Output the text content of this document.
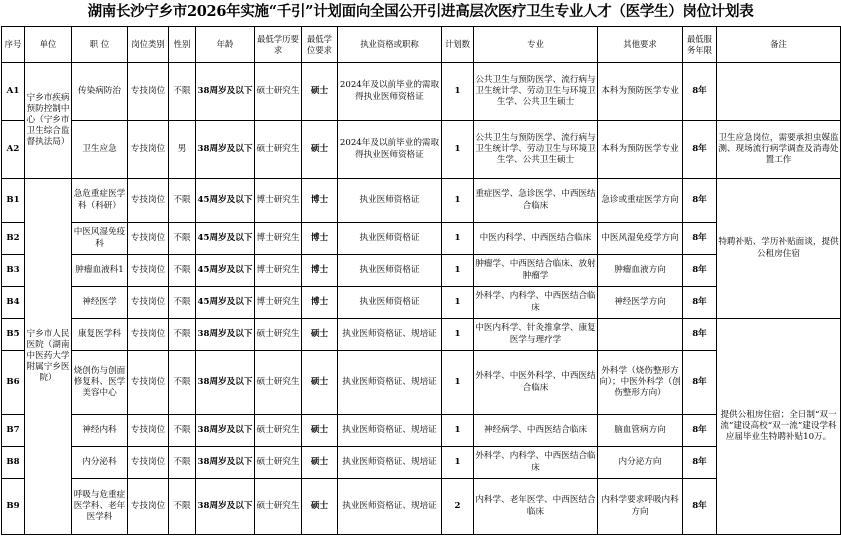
湖南长沙宁乡市2026年实施“千引”计划面向全国公开引进高层次医疗卫生专业人才（医学生）岗位计划表
序号	单位	职 位	岗位类别	性别	年龄	最低学历要求	最低学位要求	执业资格或职称	计划数	专业	其他要求	最低服务年限	备注
A1	宁乡市疾病预防控制中心（宁乡市卫生综合监督执法局）	传染病防治	专技岗位	不限	38周岁及以下	硕士研究生	硕士	2024年及以前毕业的需取得执业医师资格证	1	公共卫生与预防医学、流行病与卫生统计学、劳动卫生与环境卫生学、公共卫生硕士	本科为预防医学专业	8年	
A2		卫生应急	专技岗位	男	38周岁及以下	硕士研究生	硕士	2024年及以前毕业的需取得执业医师资格证	1	公共卫生与预防医学、流行病与卫生统计学、劳动卫生与环境卫生学、公共卫生硕士	本科为预防医学专业	8年	卫生应急岗位，需要承担虫媒监测、现场流行病学调查及消毒处置工作
B1	宁乡市人民医院（湖南中医药大学附属宁乡医院）	急危重症医学科（科研）	专技岗位	不限	45周岁及以下	博士研究生	博士	执业医师资格证	1	重症医学、急诊医学、中西医结合临床	急诊或重症医学方向	8年	特聘补贴、学历补贴面谈，提供公租房住宿
B2		中医风湿免疫科	专技岗位	不限	45周岁及以下	博士研究生	博士	执业医师资格证	1	中医内科学、中西医结合临床	中医风湿免疫学方向	8年	
B3		肿瘤血液科1	专技岗位	不限	45周岁及以下	博士研究生	博士	执业医师资格证	1	肿瘤学、中西医结合临床、放射肿瘤学	肿瘤血液方向	8年	
B4		神经医学	专技岗位	不限	45周岁及以下	博士研究生	博士	执业医师资格证	1	外科学、内科学、中西医结合临床	神经医学方向	8年	
B5		康复医学科	专技岗位	不限	38周岁及以下	硕士研究生	硕士	执业医师资格证、规培证	1	中医内科学、针灸推拿学、康复医学与理疗学		8年	提供公租房住宿；全日制“双一流”建设高校“双一流”建设学科应届毕业生特聘补贴10万。
B6		烧创伤与创面修复科、医学美容中心	专技岗位	不限	38周岁及以下	硕士研究生	硕士	执业医师资格证、规培证	1	外科学、中医外科学、中西医结合临床	外科学（烧伤整形方向）；中医外科学（创伤整形方向）	8年	
B7		神经内科	专技岗位	不限	38周岁及以下	硕士研究生	硕士	执业医师资格证、规培证	1	神经病学、中西医结合临床	脑血管病方向	8年	
B8		内分泌科	专技岗位	不限	38周岁及以下	硕士研究生	硕士	执业医师资格证、规培证	1	外科学、内科学、中西医结合临床	内分泌方向	8年	
B9		呼吸与危重症医学科、老年医学科	专技岗位	不限	38周岁及以下	硕士研究生	硕士	执业医师资格证、规培证	2	内科学、老年医学、中西医结合临床	内科学要求呼吸内科方向	8年	
